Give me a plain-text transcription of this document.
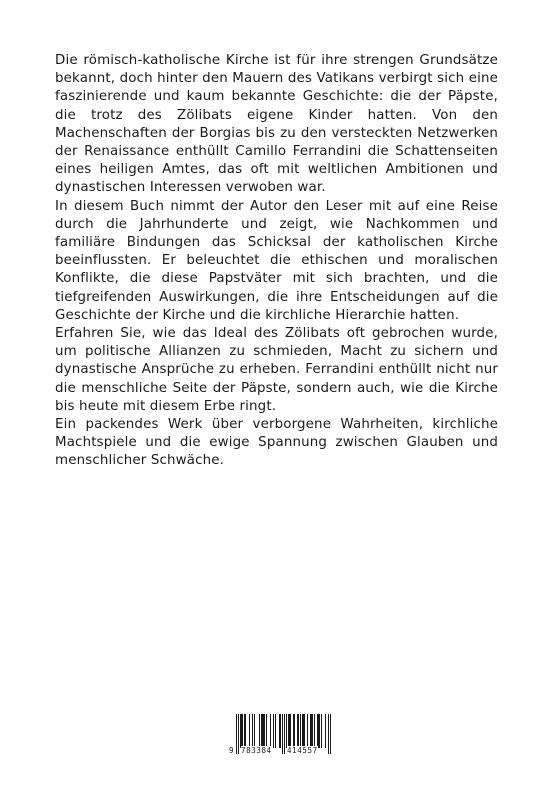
Die römisch-katholische Kirche ist für ihre strengen Grundsätze bekannt, doch hinter den Mauern des Vatikans verbirgt sich eine faszinierende und kaum bekannte Geschichte: die der Päpste, die trotz des Zölibats eigene Kinder hatten. Von den Machenschaften der Borgias bis zu den versteckten Netzwerken der Renaissance enthüllt Camillo Ferrandini die Schattenseiten eines heiligen Amtes, das oft mit weltlichen Ambitionen und dynastischen Interessen verwoben war.

In diesem Buch nimmt der Autor den Leser mit auf eine Reise durch die Jahrhunderte und zeigt, wie Nachkommen und familiäre Bindungen das Schicksal der katholischen Kirche beeinflussten. Er beleuchtet die ethischen und moralischen Konflikte, die diese Papstväter mit sich brachten, und die tiefgreifenden Auswirkungen, die ihre Entscheidungen auf die Geschichte der Kirche und die kirchliche Hierarchie hatten.

Erfahren Sie, wie das Ideal des Zölibats oft gebrochen wurde, um politische Allianzen zu schmieden, Macht zu sichern und dynastische Ansprüche zu erheben. Ferrandini enthüllt nicht nur die menschliche Seite der Päpste, sondern auch, wie die Kirche bis heute mit diesem Erbe ringt.

Ein packendes Werk über verborgene Wahrheiten, kirchliche Machtspiele und die ewige Spannung zwischen Glauben und menschlicher Schwäche.

9 783384 414557
